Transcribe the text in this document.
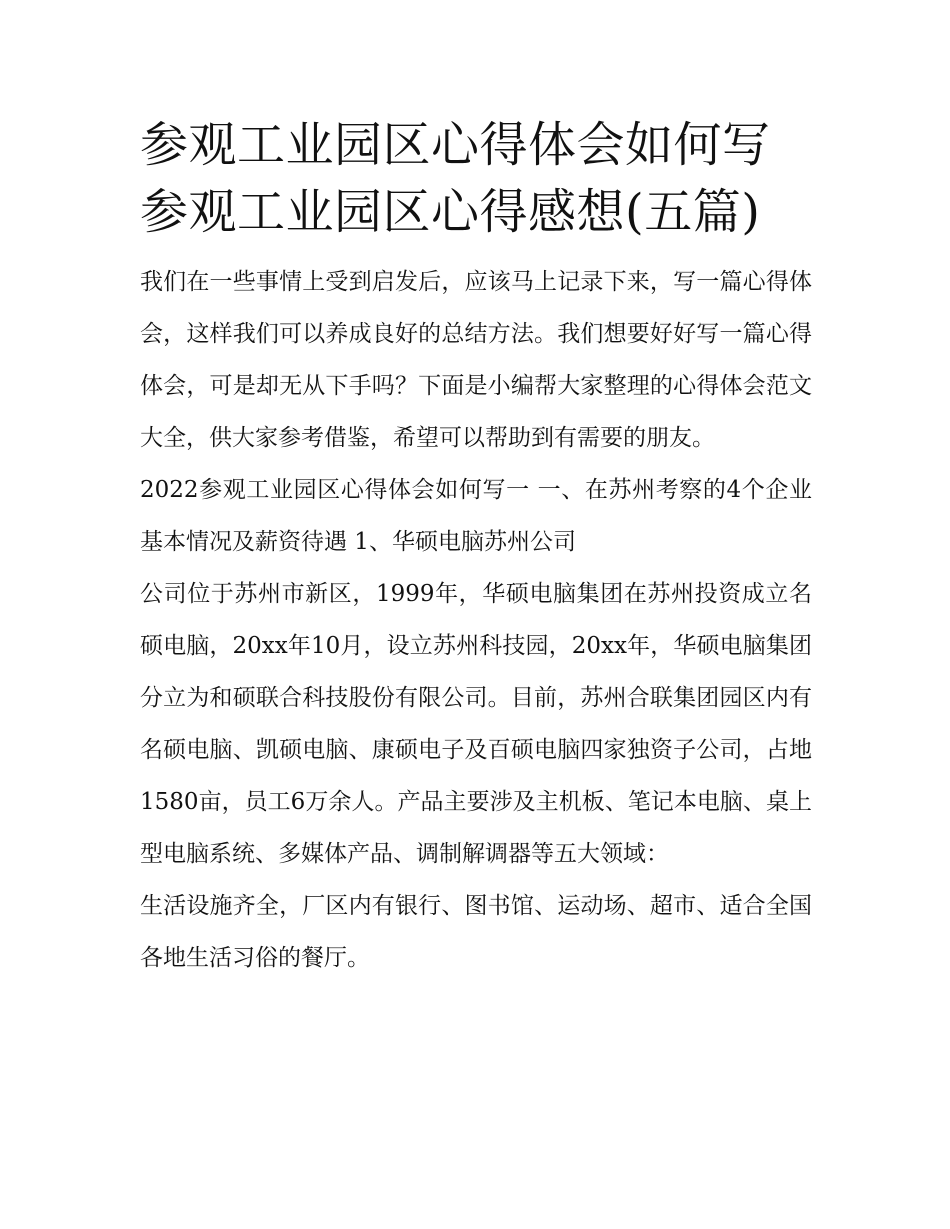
参观工业园区心得体会如何写
参观工业园区心得感想(五篇)

我们在一些事情上受到启发后，应该马上记录下来，写一篇心得体会，这样我们可以养成良好的总结方法。我们想要好好写一篇心得体会，可是却无从下手吗？下面是小编帮大家整理的心得体会范文大全，供大家参考借鉴，希望可以帮助到有需要的朋友。

2022参观工业园区心得体会如何写一 一、在苏州考察的4个企业基本情况及薪资待遇 1、华硕电脑苏州公司

公司位于苏州市新区，1999年，华硕电脑集团在苏州投资成立名硕电脑，20xx年10月，设立苏州科技园，20xx年，华硕电脑集团分立为和硕联合科技股份有限公司。目前，苏州合联集团园区内有名硕电脑、凯硕电脑、康硕电子及百硕电脑四家独资子公司，占地1580亩，员工6万余人。产品主要涉及主机板、笔记本电脑、桌上型电脑系统、多媒体产品、调制解调器等五大领域：

生活设施齐全，厂区内有银行、图书馆、运动场、超市、适合全国各地生活习俗的餐厅。
